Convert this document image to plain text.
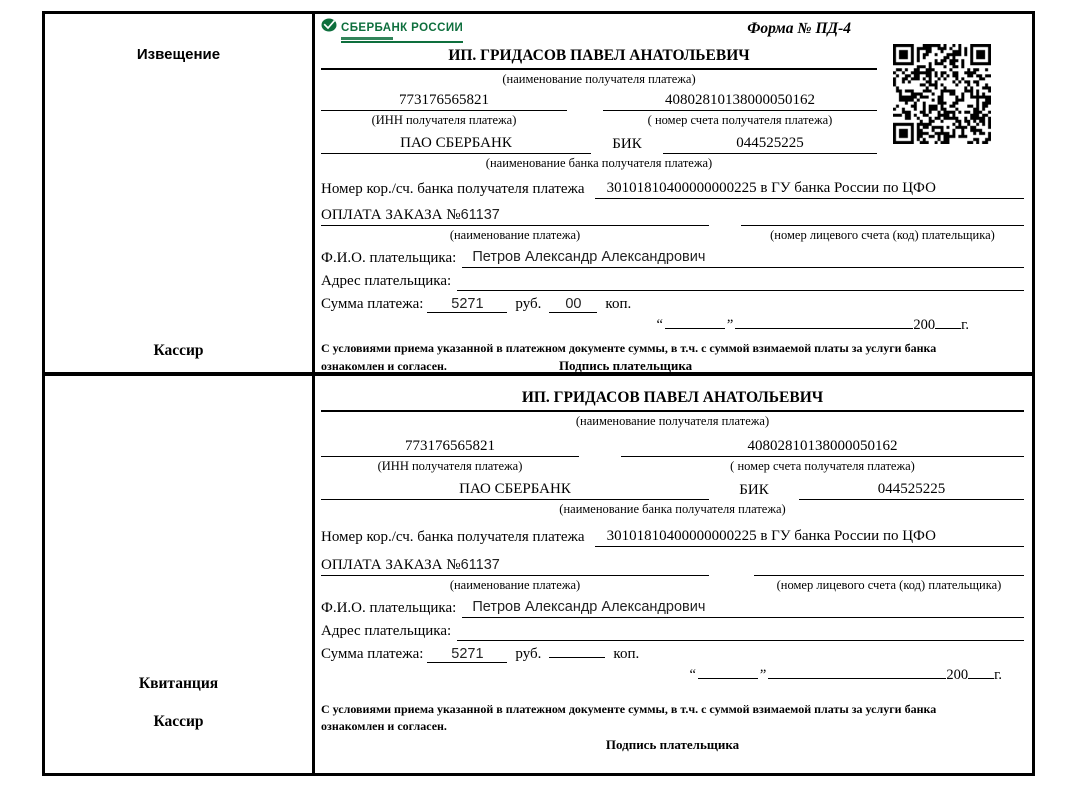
Извещение
Кассир
СБЕРБАНК РОССИИ	Форма № ПД-4
ИП. ГРИДАСОВ ПАВЕЛ АНАТОЛЬЕВИЧ
(наименование получателя платежа)
773176565821	40802810138000050162
(ИНН получателя платежа)	( номер счета получателя платежа)
ПАО СБЕРБАНК	БИК	044525225
(наименование банка получателя платежа)
Номер кор./сч. банка получателя платежа	30101810400000000225 в ГУ банка России по ЦФО
ОПЛАТА ЗАКАЗА №61137
(наименование платежа)	(номер лицевого счета (код) плательщика)
Ф.И.О. плательщика:	Петров Александр Александрович
Адрес плательщика:
Сумма платежа:	5271	руб.	00	коп.
“	”	200 г.
С условиями приема указанной в платежном документе суммы, в т.ч. с суммой взимаемой платы за услуги банка
ознакомлен и согласен.	Подпись плательщика
Квитанция
Кассир
ИП. ГРИДАСОВ ПАВЕЛ АНАТОЛЬЕВИЧ
(наименование получателя платежа)
773176565821	40802810138000050162
(ИНН получателя платежа)	( номер счета получателя платежа)
ПАО СБЕРБАНК	БИК	044525225
(наименование банка получателя платежа)
Номер кор./сч. банка получателя платежа	30101810400000000225 в ГУ банка России по ЦФО
ОПЛАТА ЗАКАЗА №61137
(наименование платежа)	(номер лицевого счета (код) плательщика)
Ф.И.О. плательщика:	Петров Александр Александрович
Адрес плательщика:
Сумма платежа:	5271	руб.	коп.
“	”	200 г.
С условиями приема указанной в платежном документе суммы, в т.ч. с суммой взимаемой платы за услуги банка
ознакомлен и согласен.
Подпись плательщика
